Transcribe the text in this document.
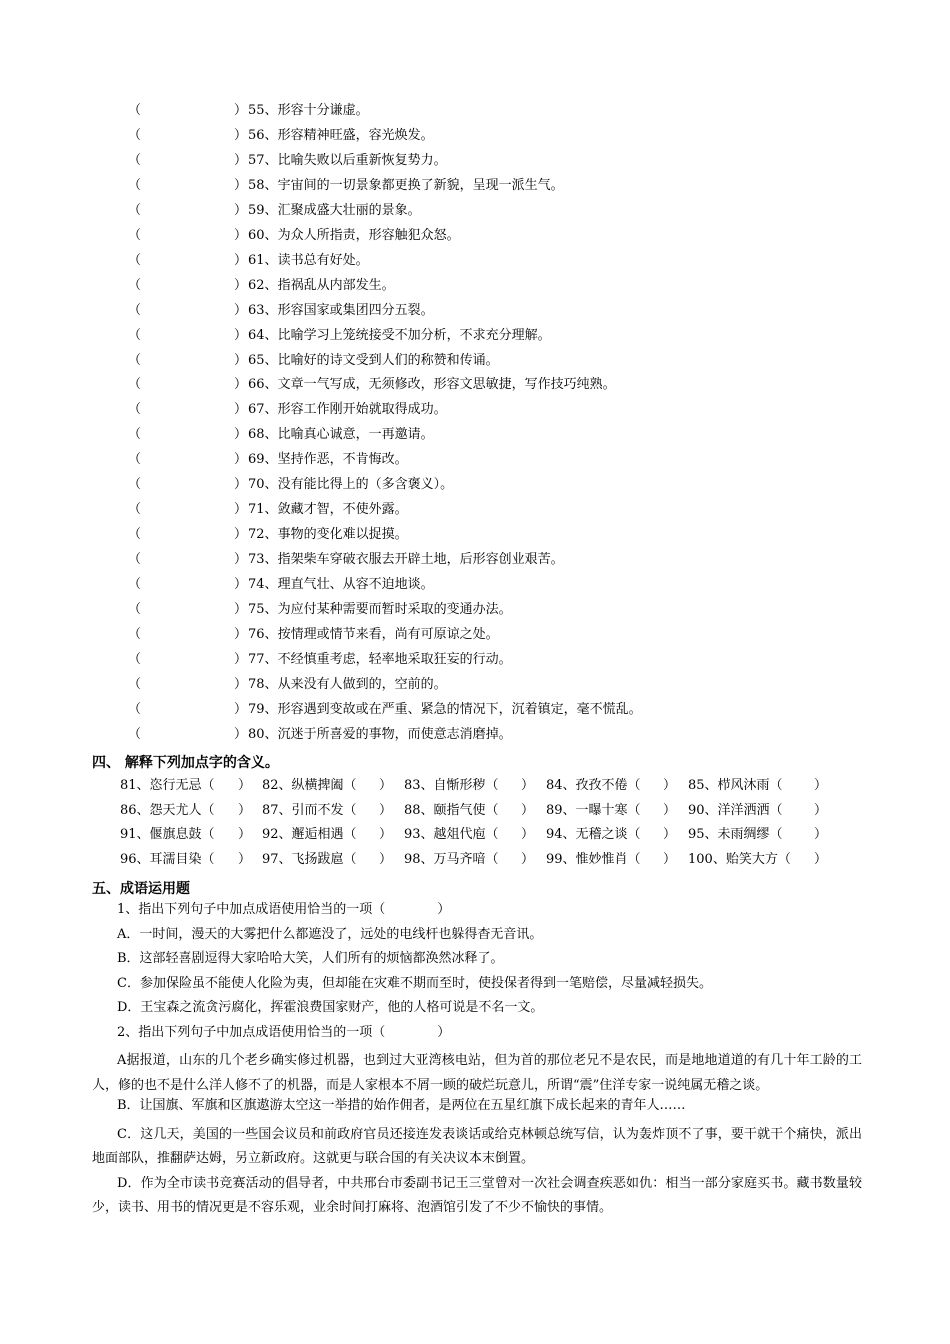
（	） 55、形容十分谦虚。
（	） 56、形容精神旺盛，容光焕发。
（	） 57、比喻失败以后重新恢复势力。
（	） 58、宇宙间的一切景象都更换了新貌，呈现一派生气。
（	） 59、汇聚成盛大壮丽的景象。
（	） 60、为众人所指责，形容触犯众怒。
（	） 61、读书总有好处。
（	） 62、指祸乱从内部发生。
（	） 63、形容国家或集团四分五裂。
（	） 64、比喻学习上笼统接受不加分析，不求充分理解。
（	） 65、比喻好的诗文受到人们的称赞和传诵。
（	） 66、文章一气写成，无须修改，形容文思敏捷，写作技巧纯熟。
（	） 67、形容工作刚开始就取得成功。
（	） 68、比喻真心诚意，一再邀请。
（	） 69、坚持作恶，不肯悔改。
（	） 70、没有能比得上的（多含褒义）。
（	） 71、敛藏才智，不使外露。
（	） 72、事物的变化难以捉摸。
（	） 73、指架柴车穿破衣服去开辟土地，后形容创业艰苦。
（	） 74、理直气壮、从容不迫地谈。
（	） 75、为应付某种需要而暂时采取的变通办法。
（	） 76、按情理或情节来看，尚有可原谅之处。
（	） 77、不经慎重考虑，轻率地采取狂妄的行动。
（	） 78、从来没有人做到的，空前的。
（	） 79、形容遇到变故或在严重、紧急的情况下，沉着镇定，毫不慌乱。
（	） 80、沉迷于所喜爱的事物，而使意志消磨掉。
四、 解释下列加点字的含义。
81、恣行无忌（ ） 82、纵横捭阖（ ） 83、自惭形秽（ ） 84、孜孜不倦（ ） 85、栉风沐雨（ ）
86、怨天尤人（ ） 87、引而不发（ ） 88、颐指气使（ ） 89、一曝十寒（ ） 90、洋洋洒洒（ ）
91、偃旗息鼓（ ） 92、邂逅相遇（ ） 93、越俎代庖（ ） 94、无稽之谈（ ） 95、未雨绸缪（ ）
96、耳濡目染（ ） 97、飞扬跋扈（ ） 98、万马齐喑（ ） 99、惟妙惟肖（ ） 100、贻笑大方（ ）
五、成语运用题
1、指出下列句子中加点成语使用恰当的一项（　　　　）
A．一时间，漫天的大雾把什么都遮没了，远处的电线杆也躲得杳无音讯。
B．这部轻喜剧逗得大家哈哈大笑，人们所有的烦恼都涣然冰释了。
C．参加保险虽不能使人化险为夷，但却能在灾难不期而至时，使投保者得到一笔赔偿，尽量减轻损失。
D．王宝森之流贪污腐化，挥霍浪费国家财产，他的人格可说是不名一文。
2、指出下列句子中加点成语使用恰当的一项（　　　　）
A据报道，山东的几个老乡确实修过机器，也到过大亚湾核电站，但为首的那位老兄不是农民，而是地地道道的有几十年工龄的工人，修的也不是什么洋人修不了的机器，而是人家根本不屑一顾的破烂玩意儿，所谓“震”住洋专家一说纯属无稽之谈。
B．让国旗、军旗和区旗遨游太空这一举措的始作佣者，是两位在五星红旗下成长起来的青年人……
C．这几天，美国的一些国会议员和前政府官员还接连发表谈话或给克林顿总统写信，认为轰炸顶不了事，要干就干个痛快，派出地面部队，推翻萨达姆，另立新政府。这就更与联合国的有关决议本末倒置。
D．作为全市读书竞赛活动的倡导者，中共邢台市委副书记王三堂曾对一次社会调查疾恶如仇：相当一部分家庭买书。藏书数量较少，读书、用书的情况更是不容乐观，业余时间打麻将、泡酒馆引发了不少不愉快的事情。
